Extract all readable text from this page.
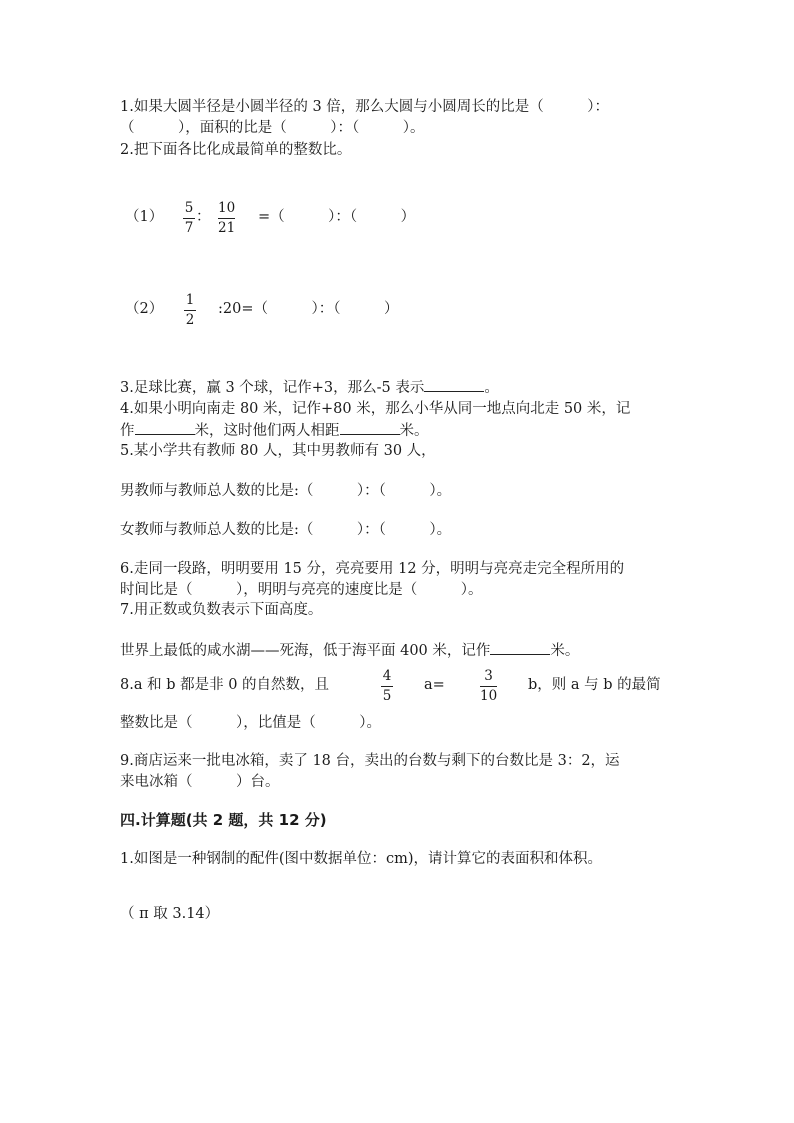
1.如果大圆半径是小圆半径的 3 倍，那么大圆与小圆周长的比是（　　　）：
（　　　），面积的比是（　　　）：（　　　）。
2.把下面各比化成最简单的整数比。
（1）
5
7
：
10
21
=（　　　）：（　　　）
（2）
1
2
:20=（　　　）：（　　　）
3.足球比赛，赢 3 个球，记作+3，那么-5 表示	。
4.如果小明向南走 80 米，记作+80 米，那么小华从同一地点向北走 50 米，记
作	米，这时他们两人相距	米。
5.某小学共有教师 80 人，其中男教师有 30 人，
男教师与教师总人数的比是:（　　　）：（　　　）。
女教师与教师总人数的比是:（　　　）：（　　　）。
6.走同一段路，明明要用 15 分，亮亮要用 12 分，明明与亮亮走完全程所用的
时间比是（　　　），明明与亮亮的速度比是（　　　）。
7.用正数或负数表示下面高度。
世界上最低的咸水湖——死海，低于海平面 400 米，记作	米。
8.a 和 b 都是非 0 的自然数，且
4
5
a=
3
10
b，则 a 与 b 的最简
整数比是（　　　），比值是（　　　）。
9.商店运来一批电冰箱，卖了 18 台，卖出的台数与剩下的台数比是 3：2，运
来电冰箱（　　　）台。
四.计算题(共 2 题，共 12 分)
1.如图是一种钢制的配件(图中数据单位：cm)，请计算它的表面积和体积。
（ π 取 3.14）
